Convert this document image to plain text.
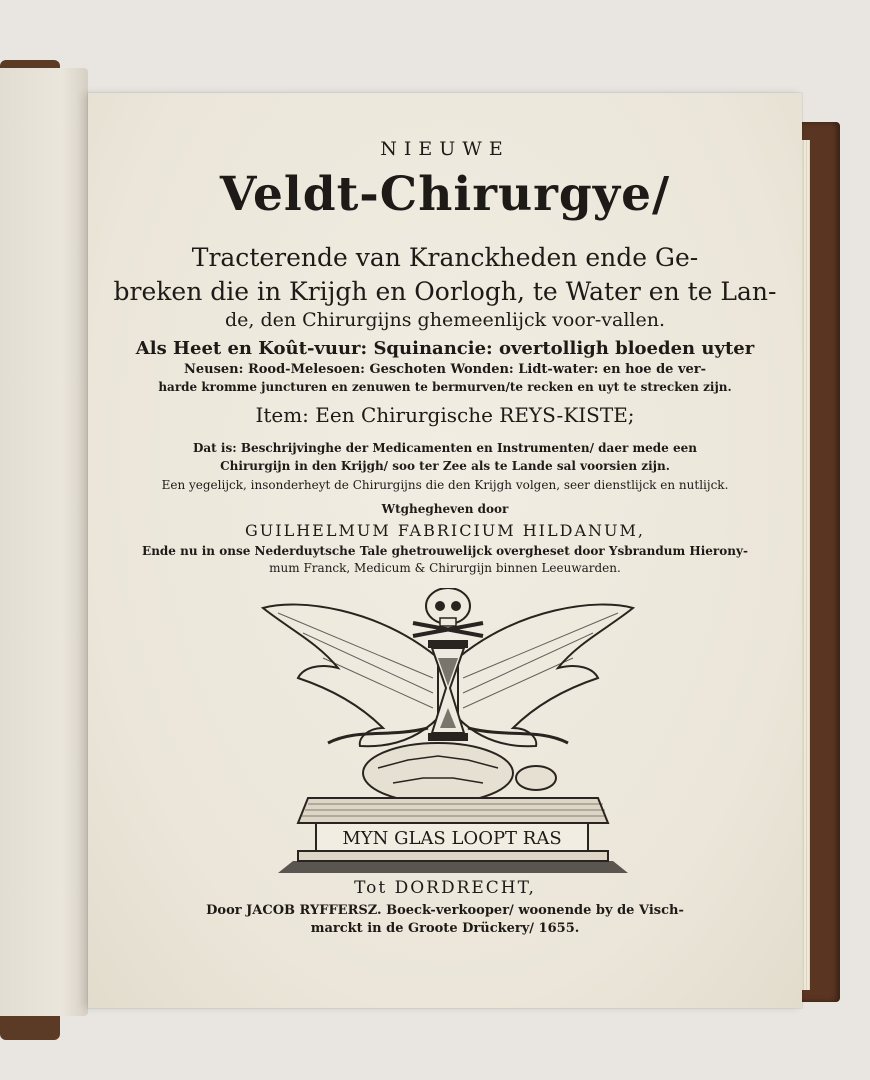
NIEUWE
Veldt-Chirurgye/
Tracterende van Kranckheden ende Ge-
breken die in Krijgh en Oorlogh, te Water en te Lan-
de, den Chirurgijns ghemeenlijck voor-vallen.
Als Heet en Koût-vuur: Squinancie: overtolligh bloeden uyter
Neusen: Rood-Melesoen: Geschoten Wonden: Lidt-water: en hoe de ver-
harde kromme juncturen en zenuwen te bermurven/te recken en uyt te strecken zijn.
Item: Een Chirurgische REYS-KISTE;
Dat is: Beschrijvinghe der Medicamenten en Instrumenten/ daer mede een
Chirurgijn in den Krijgh/ soo ter Zee als te Lande sal voorsien zijn.
Een yegelijck, insonderheyt de Chirurgijns die den Krijgh volgen, seer dienstlijck en nutlijck.
Wtghegheven door
GUILHELMUM FABRICIUM HILDANUM,
Ende nu in onse Nederduytsche Tale ghetrouwelijck overgheset door Ysbrandum Hierony-
mum Franck, Medicum & Chirurgijn binnen Leeuwarden.
MYN GLAS LOOPT RAS
Tot DORDRECHT,
Door JACOB RYFFERSZ. Boeck-verkooper/ woonende by de Visch-
marckt in de Groote Drückery/ 1655.
